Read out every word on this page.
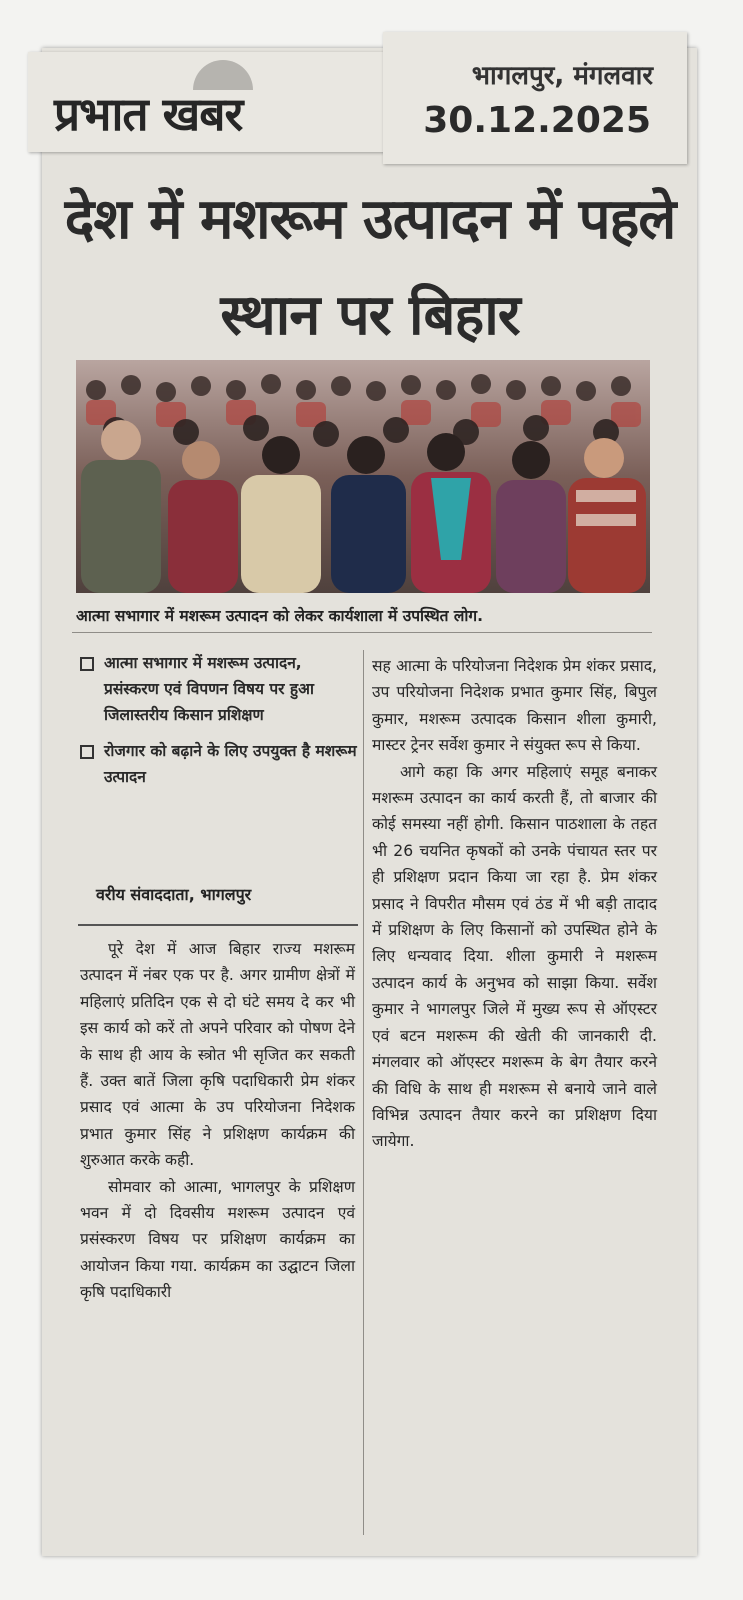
प्रभात खबर
भागलपुर, मंगलवार
30.12.2025
देश में मशरूम उत्पादन में पहले स्थान पर बिहार
आत्मा सभागार में मशरूम उत्पादन को लेकर कार्यशाला में उपस्थित लोग.
आत्मा सभागार में मशरूम उत्पादन, प्रसंस्करण एवं विपणन विषय पर हुआ जिलास्तरीय किसान प्रशिक्षण
रोजगार को बढ़ाने के लिए उपयुक्त है मशरूम उत्पादन
वरीय संवाददाता, भागलपुर

पूरे देश में आज बिहार राज्य मशरूम उत्पादन में नंबर एक पर है. अगर ग्रामीण क्षेत्रों में महिलाएं प्रतिदिन एक से दो घंटे समय दे कर भी इस कार्य को करें तो अपने परिवार को पोषण देने के साथ ही आय के स्त्रोत भी सृजित कर सकती हैं. उक्त बातें जिला कृषि पदाधिकारी प्रेम शंकर प्रसाद एवं आत्मा के उप परियोजना निदेशक प्रभात कुमार सिंह ने प्रशिक्षण कार्यक्रम की शुरुआत करके कही.

सोमवार को आत्मा, भागलपुर के प्रशिक्षण भवन में दो दिवसीय मशरूम उत्पादन एवं प्रसंस्करण विषय पर प्रशिक्षण कार्यक्रम का आयोजन किया गया. कार्यक्रम का उद्घाटन जिला कृषि पदाधिकारी

सह आत्मा के परियोजना निदेशक प्रेम शंकर प्रसाद, उप परियोजना निदेशक प्रभात कुमार सिंह, बिपुल कुमार, मशरूम उत्पादक किसान शीला कुमारी, मास्टर ट्रेनर सर्वेश कुमार ने संयुक्त रूप से किया.

आगे कहा कि अगर महिलाएं समूह बनाकर मशरूम उत्पादन का कार्य करती हैं, तो बाजार की कोई समस्या नहीं होगी. किसान पाठशाला के तहत भी 26 चयनित कृषकों को उनके पंचायत स्तर पर ही प्रशिक्षण प्रदान किया जा रहा है. प्रेम शंकर प्रसाद ने विपरीत मौसम एवं ठंड में भी बड़ी तादाद में प्रशिक्षण के लिए किसानों को उपस्थित होने के लिए धन्यवाद दिया. शीला कुमारी ने मशरूम उत्पादन कार्य के अनुभव को साझा किया. सर्वेश कुमार ने भागलपुर जिले में मुख्य रूप से ऑएस्टर एवं बटन मशरूम की खेती की जानकारी दी. मंगलवार को ऑएस्टर मशरूम के बेग तैयार करने की विधि के साथ ही मशरूम से बनाये जाने वाले विभिन्न उत्पादन तैयार करने का प्रशिक्षण दिया जायेगा.
